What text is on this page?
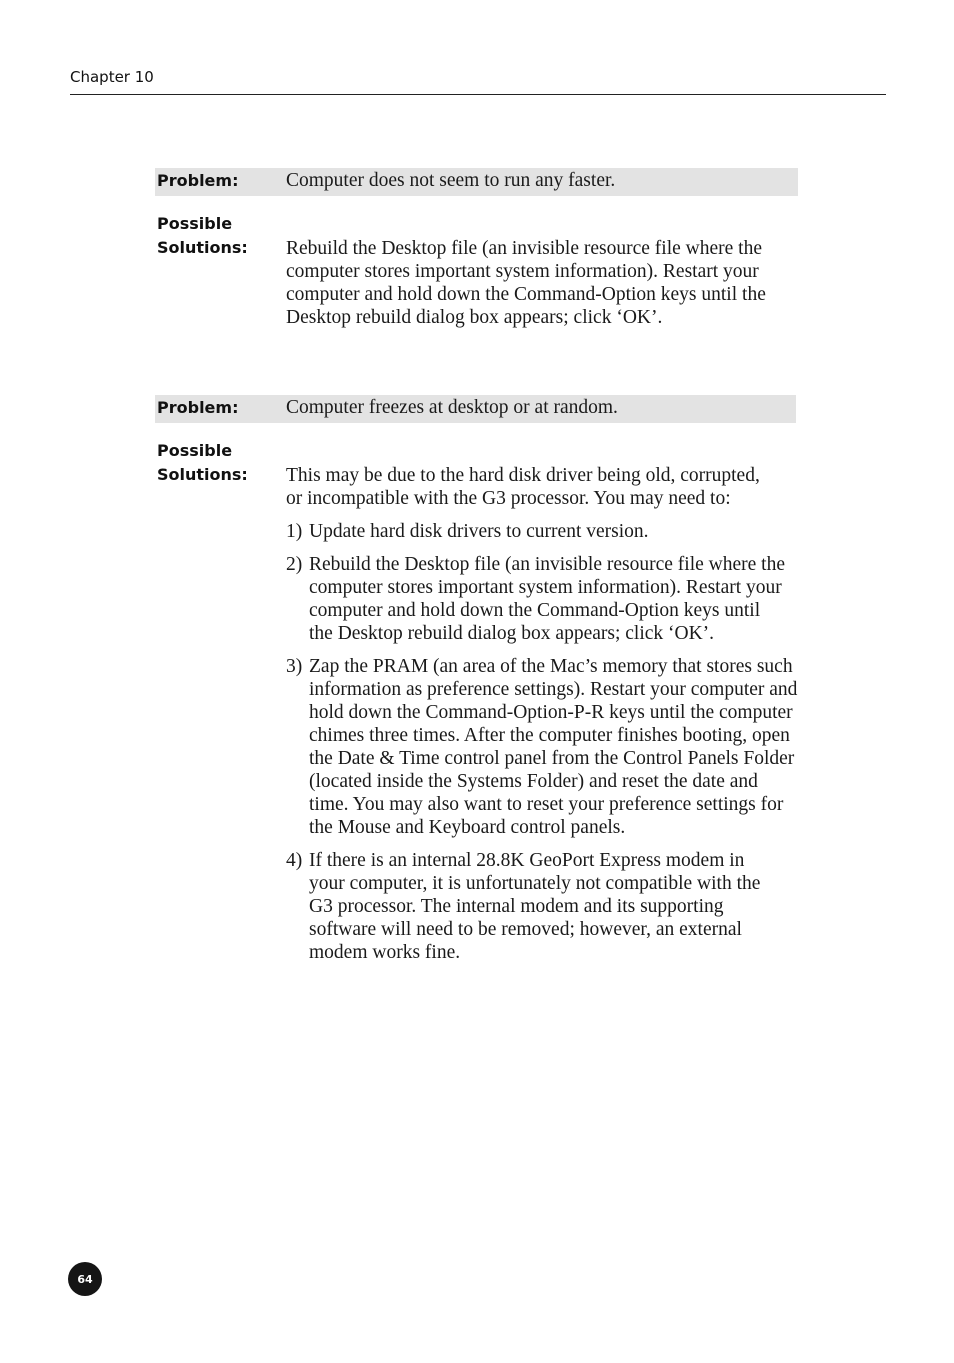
Chapter 10
Problem: Computer does not seem to run any faster.
Possible
Solutions: Rebuild the Desktop file (an invisible resource file where the computer stores important system information). Restart your computer and hold down the Command-Option keys until the Desktop rebuild dialog box appears; click ‘OK’.

Problem: Computer freezes at desktop or at random.
Possible
Solutions: This may be due to the hard disk driver being old, corrupted, or incompatible with the G3 processor. You may need to:

1) Update hard disk drivers to current version.
2) Rebuild the Desktop file (an invisible resource file where the computer stores important system information). Restart your computer and hold down the Command-Option keys until the Desktop rebuild dialog box appears; click ‘OK’.
3) Zap the PRAM (an area of the Mac’s memory that stores such information as preference settings). Restart your computer and hold down the Command-Option-P-R keys until the computer chimes three times. After the computer finishes booting, open the Date & Time control panel from the Control Panels Folder (located inside the Systems Folder) and reset the date and time. You may also want to reset your preference settings for the Mouse and Keyboard control panels.
4) If there is an internal 28.8K GeoPort Express modem in your computer, it is unfortunately not compatible with the G3 processor. The internal modem and its supporting software will need to be removed; however, an external modem works fine.
64
